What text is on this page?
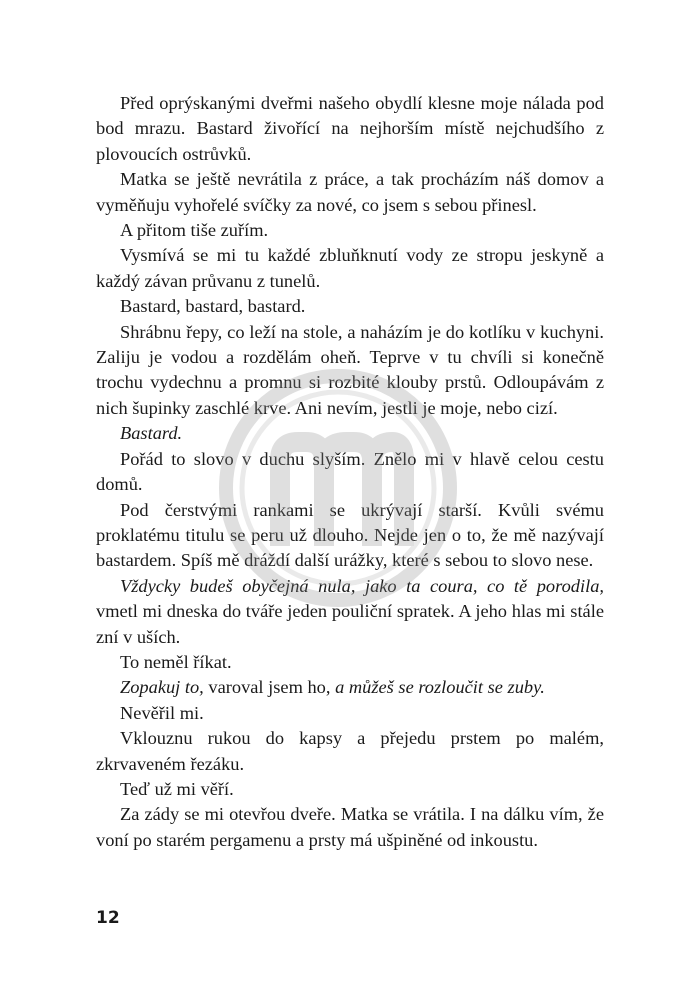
Před oprýskanými dveřmi našeho obydlí klesne moje nálada pod bod mrazu. Bastard živořící na nejhorším místě nejchudšího z plovoucích ostrůvků.

Matka se ještě nevrátila z práce, a tak procházím náš domov a vyměňuju vyhořelé svíčky za nové, co jsem s sebou přinesl.

A přitom tiše zuřím.

Vysmívá se mi tu každé zbluňknutí vody ze stropu jeskyně a každý závan průvanu z tunelů.

Bastard, bastard, bastard.

Shrábnu řepy, co leží na stole, a naházím je do kotlíku v kuchyni. Zaliju je vodou a rozdělám oheň. Teprve v tu chvíli si konečně trochu vydechnu a promnu si rozbité klouby prstů. Odloupávám z nich šupinky zaschlé krve. Ani nevím, jestli je moje, nebo cizí.

Bastard.

Pořád to slovo v duchu slyším. Znělo mi v hlavě celou cestu domů.

Pod čerstvými rankami se ukrývají starší. Kvůli svému proklatému titulu se peru už dlouho. Nejde jen o to, že mě nazývají bastardem. Spíš mě dráždí další urážky, které s sebou to slovo nese.

Vždycky budeš obyčejná nula, jako ta coura, co tě porodila, vmetl mi dneska do tváře jeden pouliční spratek. A jeho hlas mi stále zní v uších.

To neměl říkat.

Zopakuj to, varoval jsem ho, a můžeš se rozloučit se zuby.

Nevěřil mi.

Vklouznu rukou do kapsy a přejedu prstem po malém, zkrvaveném řezáku.

Teď už mi věří.

Za zády se mi otevřou dveře. Matka se vrátila. I na dálku vím, že voní po starém pergamenu a prsty má ušpiněné od inkoustu.

12
